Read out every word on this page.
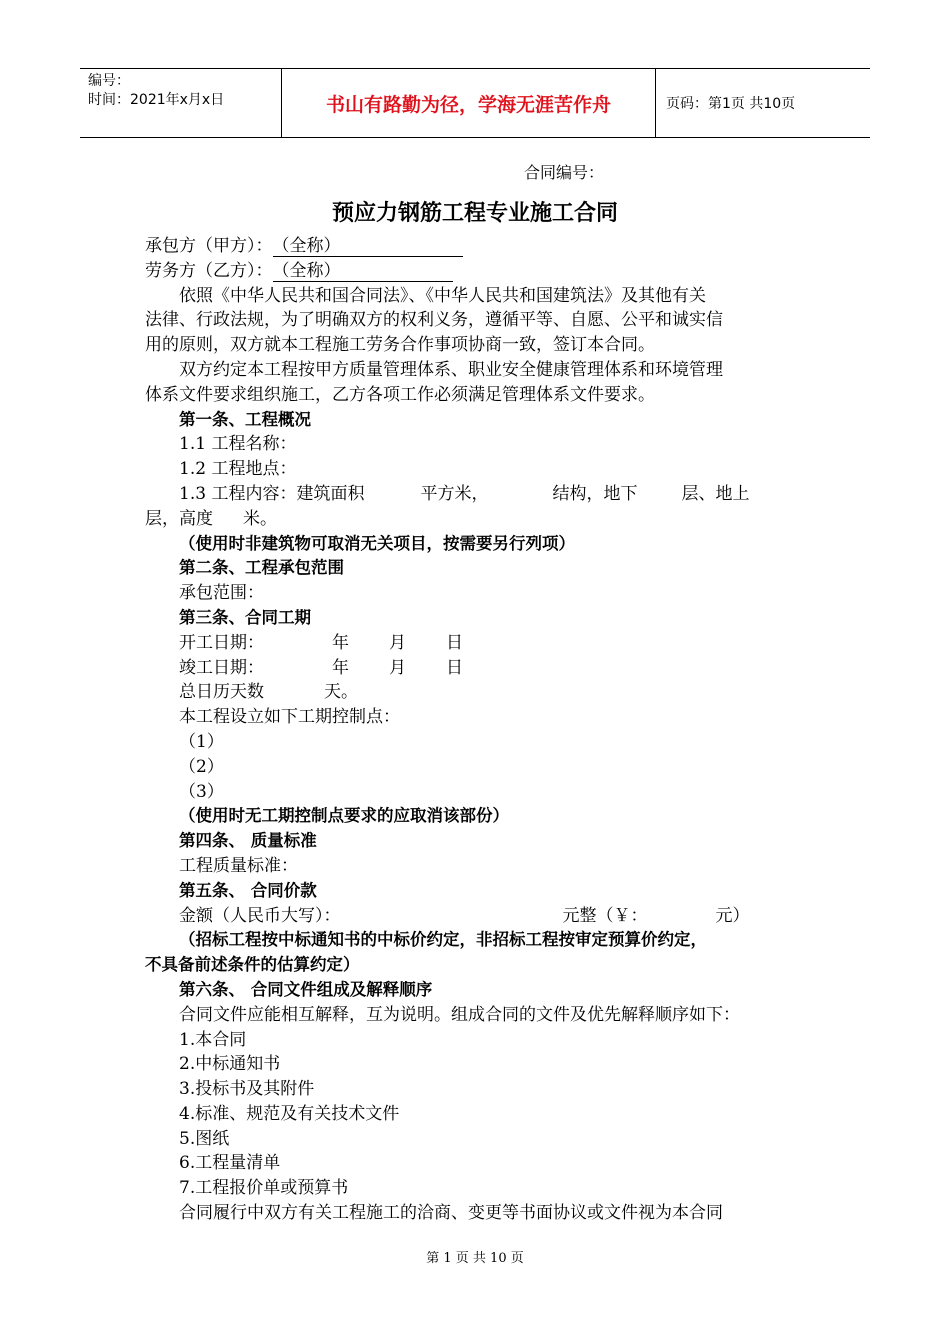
编号：
时间：2021年x月x日	书山有路勤为径，学海无涯苦作舟	页码：第1页 共10页
合同编号：
预应力钢筋工程专业施工合同
承包方（甲方）：（全称）
劳务方（乙方）：（全称）
依照《中华人民共和国合同法》、《中华人民共和国建筑法》及其他有关
法律、行政法规，为了明确双方的权利义务，遵循平等、自愿、公平和诚实信
用的原则，双方就本工程施工劳务合作事项协商一致，签订本合同。
双方约定本工程按甲方质量管理体系、职业安全健康管理体系和环境管理
体系文件要求组织施工，乙方各项工作必须满足管理体系文件要求。
第一条、工程概况
1.1 工程名称：
1.2 工程地点：
1.3 工程内容：建筑面积	平方米，	结构，地下	层、地上
层，高度 米。
（使用时非建筑物可取消无关项目，按需要另行列项）
第二条、工程承包范围
承包范围：
第三条、合同工期
开工日期：	年 月 日
竣工日期：	年 月 日
总日历天数	天。
本工程设立如下工期控制点：
（1）
（2）
（3）
（使用时无工期控制点要求的应取消该部份）
第四条、 质量标准
工程质量标准：
第五条、 合同价款
金额（人民币大写）：	元整（￥：	元）
（招标工程按中标通知书的中标价约定，非招标工程按审定预算价约定，
不具备前述条件的估算约定）
第六条、 合同文件组成及解释顺序
合同文件应能相互解释，互为说明。组成合同的文件及优先解释顺序如下：
1.本合同
2.中标通知书
3.投标书及其附件
4.标准、规范及有关技术文件
5.图纸
6.工程量清单
7.工程报价单或预算书
合同履行中双方有关工程施工的洽商、变更等书面协议或文件视为本合同
第 1 页 共 10 页
